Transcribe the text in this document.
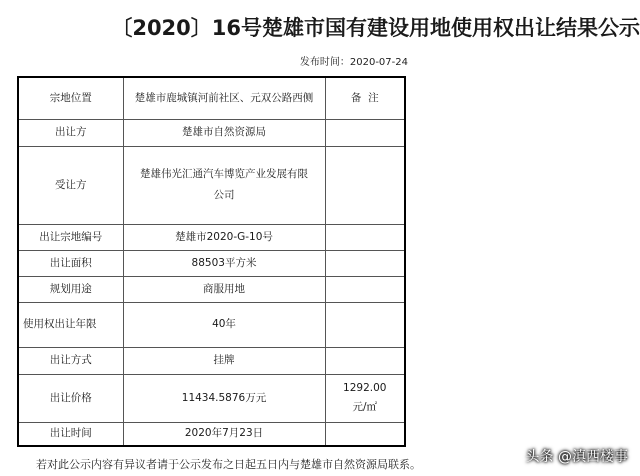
〔2020〕16号楚雄市国有建设用地使用权出让结果公示
发布时间：2020-07-24
宗地位置	楚雄市鹿城镇河前社区、元双公路西侧	备  注
出让方	楚雄市自然资源局	
受让方	楚雄伟光汇通汽车博览产业发展有限
公司	

出让宗地编号	楚雄市2020-G-10号	
出让面积	88503平方米	
规划用途	商服用地	
使用权出让年限	40年	
出让方式	挂牌	
出让价格	11434.5876万元	1292.00
元/㎡

出让时间	2020年7月23日	
若对此公示内容有异议者请于公示发布之日起五日内与楚雄市自然资源局联系。	头条 @滇西楼事
